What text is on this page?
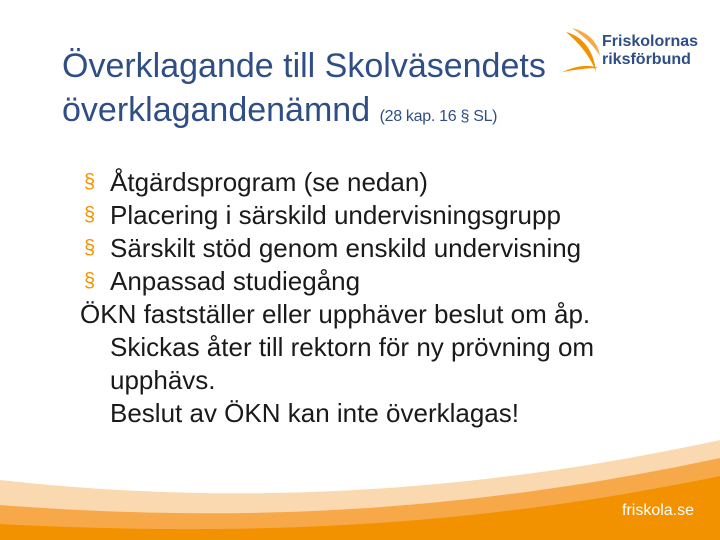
Överklagande till Skolväsendets
överklagandenämnd (28 kap. 16 § SL)
Friskolornas
riksförbund
§ Åtgärdsprogram (se nedan)
§ Placering i särskild undervisningsgrupp
§ Särskilt stöd genom enskild undervisning
§ Anpassad studiegång
ÖKN fastställer eller upphäver beslut om åp.
Skickas åter till rektorn för ny prövning om
upphävs.
Beslut av ÖKN kan inte överklagas!
friskola.se
